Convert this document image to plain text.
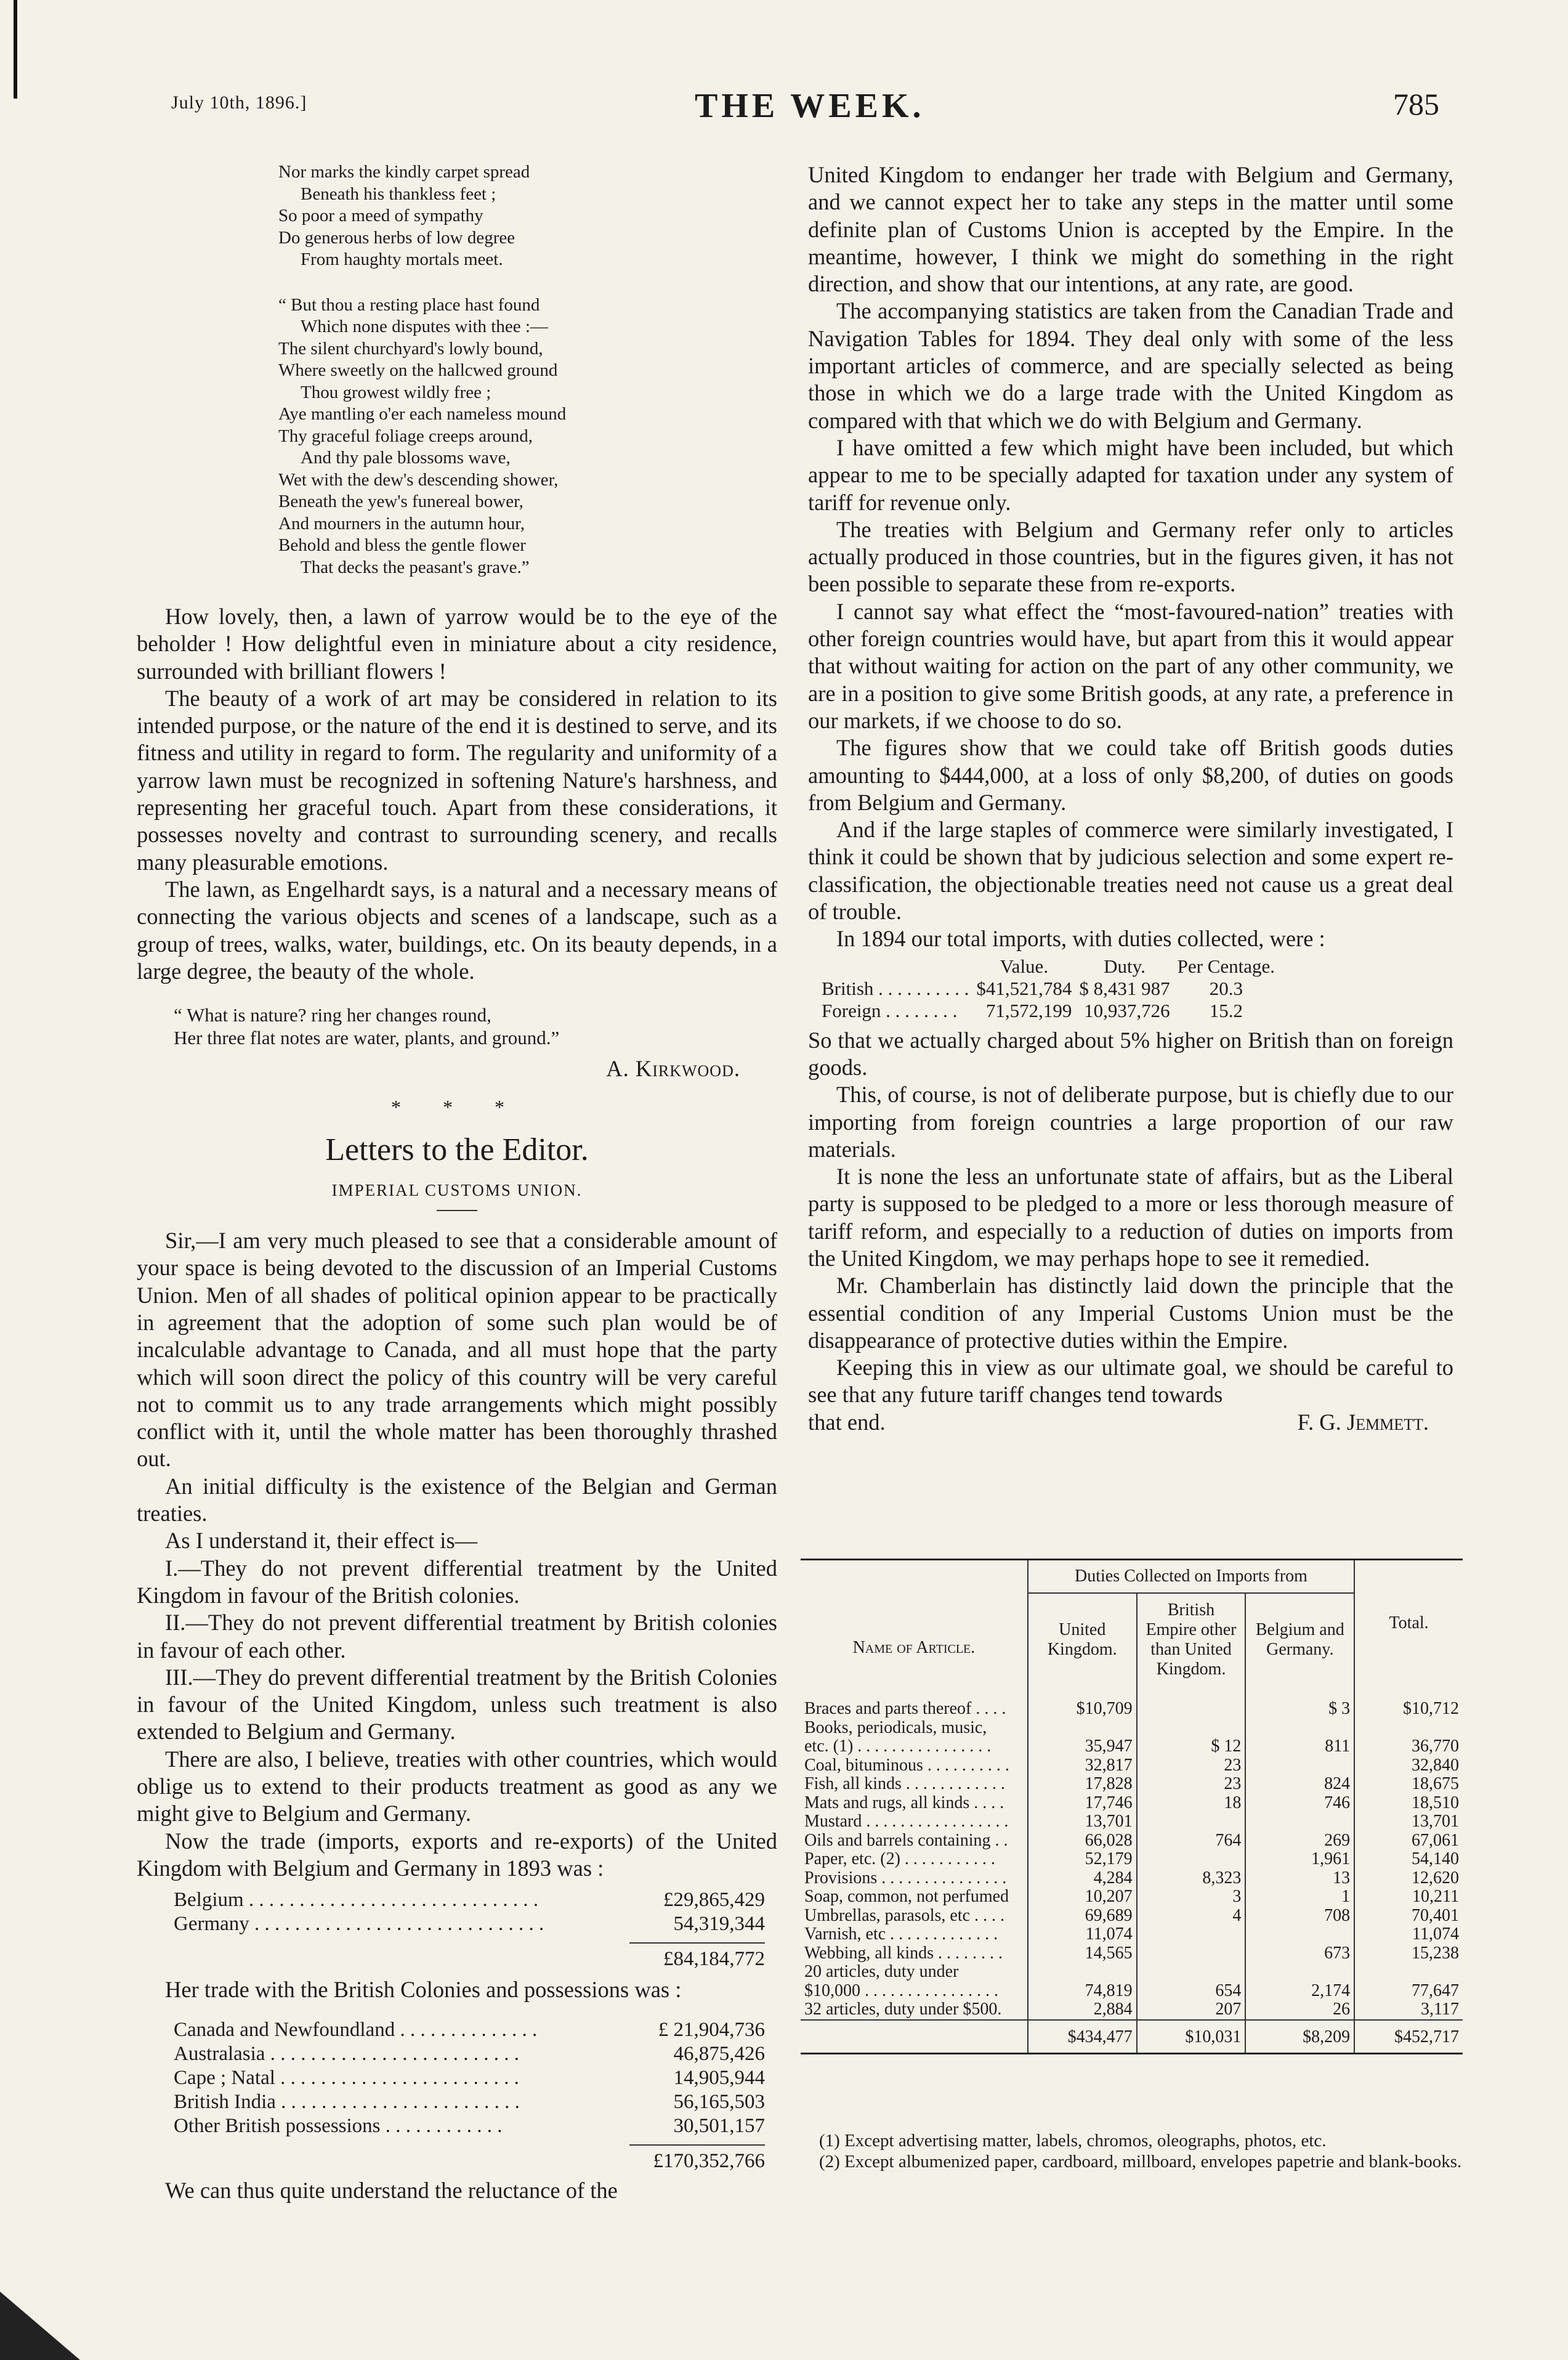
July 10th, 1896.]	THE WEEK.	785
Nor marks the kindly carpet spread
Beneath his thankless feet ;
So poor a meed of sympathy
Do generous herbs of low degree
From haughty mortals meet.
“ But thou a resting place hast found
Which none disputes with thee :—
The silent churchyard's lowly bound,
Where sweetly on the hallcwed ground
Thou growest wildly free ;
Aye mantling o'er each nameless mound
Thy graceful foliage creeps around,
And thy pale blossoms wave,
Wet with the dew's descending shower,
Beneath the yew's funereal bower,
And mourners in the autumn hour,
Behold and bless the gentle flower
That decks the peasant's grave.”

How lovely, then, a lawn of yarrow would be to the eye of the beholder ! How delightful even in miniature about a city residence, surrounded with brilliant flowers !

The beauty of a work of art may be considered in relation to its intended purpose, or the nature of the end it is destined to serve, and its fitness and utility in regard to form. The regularity and uniformity of a yarrow lawn must be recognized in softening Nature's harshness, and representing her graceful touch. Apart from these considerations, it possesses novelty and contrast to surrounding scenery, and recalls many pleasurable emotions.

The lawn, as Engelhardt says, is a natural and a necessary means of connecting the various objects and scenes of a landscape, such as a group of trees, walks, water, buildings, etc. On its beauty depends, in a large degree, the beauty of the whole.

“ What is nature? ring her changes round,
Her three flat notes are water, plants, and ground.”
A. Kirkwood.
* * *
Letters to the Editor.
IMPERIAL CUSTOMS UNION.

Sir,—I am very much pleased to see that a considerable amount of your space is being devoted to the discussion of an Imperial Customs Union. Men of all shades of political opinion appear to be practically in agreement that the adoption of some such plan would be of incalculable advantage to Canada, and all must hope that the party which will soon direct the policy of this country will be very careful not to commit us to any trade arrangements which might possibly conflict with it, until the whole matter has been thoroughly thrashed out.

An initial difficulty is the existence of the Belgian and German treaties.

As I understand it, their effect is—

I.—They do not prevent differential treatment by the United Kingdom in favour of the British colonies.

II.—They do not prevent differential treatment by British colonies in favour of each other.

III.—They do prevent differential treatment by the British Colonies in favour of the United Kingdom, unless such treatment is also extended to Belgium and Germany.

There are also, I believe, treaties with other countries, which would oblige us to extend to their products treatment as good as any we might give to Belgium and Germany.

Now the trade (imports, exports and re-exports) of the United Kingdom with Belgium and Germany in 1893 was :

Belgium . . . . . . . . . . . . . . . . . . . . . . . . . . . . .	£29,865,429
Germany . . . . . . . . . . . . . . . . . . . . . . . . . . . . .	54,319,344
£84,184,772

Her trade with the British Colonies and possessions was :

Canada and Newfoundland . . . . . . . . . . . . . .	£ 21,904,736
Australasia . . . . . . . . . . . . . . . . . . . . . . . . .	46,875,426
Cape ; Natal . . . . . . . . . . . . . . . . . . . . . . . .	14,905,944
British India . . . . . . . . . . . . . . . . . . . . . . . .	56,165,503
Other British possessions . . . . . . . . . . . .	30,501,157
£170,352,766

We can thus quite understand the reluctance of the

United Kingdom to endanger her trade with Belgium and Germany, and we cannot expect her to take any steps in the matter until some definite plan of Customs Union is accepted by the Empire. In the meantime, however, I think we might do something in the right direction, and show that our intentions, at any rate, are good.

The accompanying statistics are taken from the Canadian Trade and Navigation Tables for 1894. They deal only with some of the less important articles of commerce, and are specially selected as being those in which we do a large trade with the United Kingdom as compared with that which we do with Belgium and Germany.

I have omitted a few which might have been included, but which appear to me to be specially adapted for taxation under any system of tariff for revenue only.

The treaties with Belgium and Germany refer only to articles actually produced in those countries, but in the figures given, it has not been possible to separate these from re-exports.

I cannot say what effect the “most-favoured-nation” treaties with other foreign countries would have, but apart from this it would appear that without waiting for action on the part of any other community, we are in a position to give some British goods, at any rate, a preference in our markets, if we choose to do so.

The figures show that we could take off British goods duties amounting to $444,000, at a loss of only $8,200, of duties on goods from Belgium and Germany.

And if the large staples of commerce were similarly investigated, I think it could be shown that by judicious selection and some expert re-classification, the objectionable treaties need not cause us a great deal of trouble.

In 1894 our total imports, with duties collected, were :

	Value.	Duty.	Per Centage.
British . . . . . . . . . .	$41,521,784	$ 8,431 987	20.3
Foreign . . . . . . . .	71,572,199	10,937,726	15.2

So that we actually charged about 5% higher on British than on foreign goods.

This, of course, is not of deliberate purpose, but is chiefly due to our importing from foreign countries a large proportion of our raw materials.

It is none the less an unfortunate state of affairs, but as the Liberal party is supposed to be pledged to a more or less thorough measure of tariff reform, and especially to a reduction of duties on imports from the United Kingdom, we may perhaps hope to see it remedied.

Mr. Chamberlain has distinctly laid down the principle that the essential condition of any Imperial Customs Union must be the disappearance of protective duties within the Empire.

Keeping this in view as our ultimate goal, we should be careful to see that any future tariff changes tend towards

that end.	F. G. Jemmett.
Name of Article.	Duties Collected on Imports from			Total.
	United Kingdom.	British Empire other than United Kingdom.	Belgium and Germany.	
Braces and parts thereof . . . .	$10,709		$ 3	$10,712
Books, periodicals, music,				
etc. (1) . . . . . . . . . . . . . . . .	35,947	$ 12	811	36,770
Coal, bituminous . . . . . . . . . .	32,817	23		32,840
Fish, all kinds . . . . . . . . . . . .	17,828	23	824	18,675
Mats and rugs, all kinds . . . .	17,746	18	746	18,510
Mustard . . . . . . . . . . . . . . . . .	13,701			13,701
Oils and barrels containing . .	66,028	764	269	67,061
Paper, etc. (2) . . . . . . . . . . .	52,179		1,961	54,140
Provisions . . . . . . . . . . . . . . .	4,284	8,323	13	12,620
Soap, common, not perfumed	10,207	3	1	10,211
Umbrellas, parasols, etc . . . .	69,689	4	708	70,401
Varnish, etc . . . . . . . . . . . . .	11,074			11,074
Webbing, all kinds . . . . . . . .	14,565		673	15,238
20 articles, duty under				
$10,000 . . . . . . . . . . . . . . . .	74,819	654	2,174	77,647
32 articles, duty under $500.	2,884	207	26	3,117
	$434,477	$10,031	$8,209	$452,717

(1) Except advertising matter, labels, chromos, oleographs, photos, etc.

(2) Except albumenized paper, cardboard, millboard, envelopes papetrie and blank-books.
